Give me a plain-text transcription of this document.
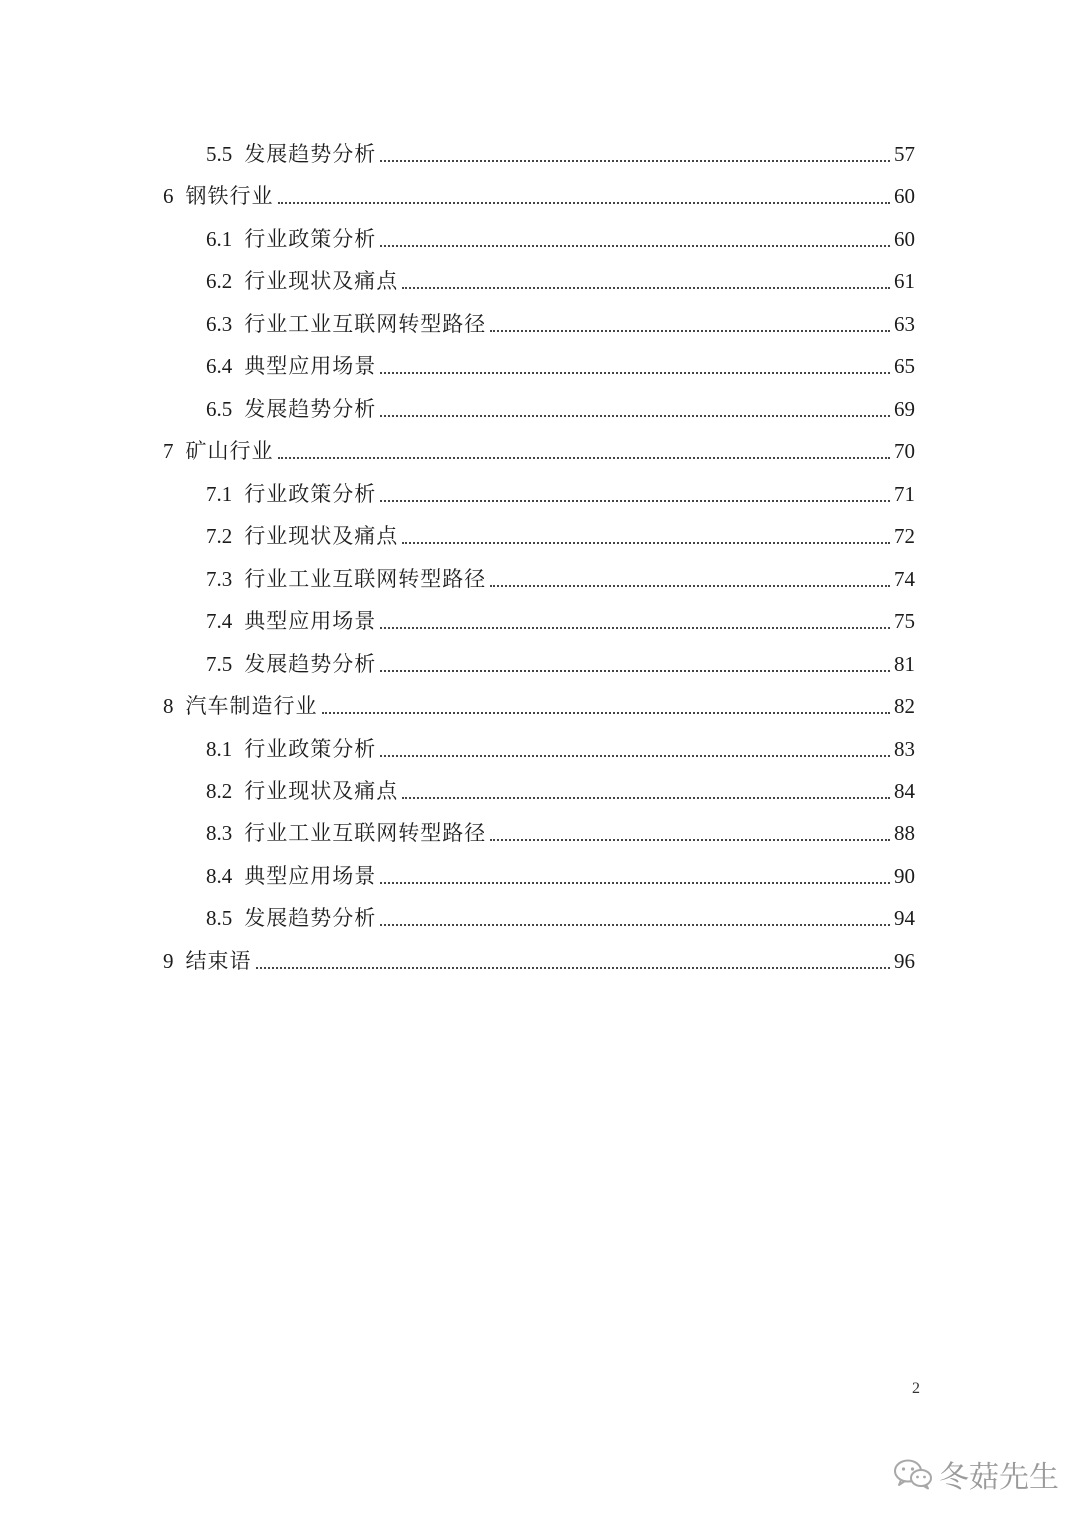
5.5 发展趋势分析	57
6 钢铁行业	60
6.1 行业政策分析	60
6.2 行业现状及痛点	61
6.3 行业工业互联网转型路径	63
6.4 典型应用场景	65
6.5 发展趋势分析	69
7 矿山行业	70
7.1 行业政策分析	71
7.2 行业现状及痛点	72
7.3 行业工业互联网转型路径	74
7.4 典型应用场景	75
7.5 发展趋势分析	81
8 汽车制造行业	82
8.1 行业政策分析	83
8.2 行业现状及痛点	84
8.3 行业工业互联网转型路径	88
8.4 典型应用场景	90
8.5 发展趋势分析	94
9 结束语	96
2
冬菇先生
